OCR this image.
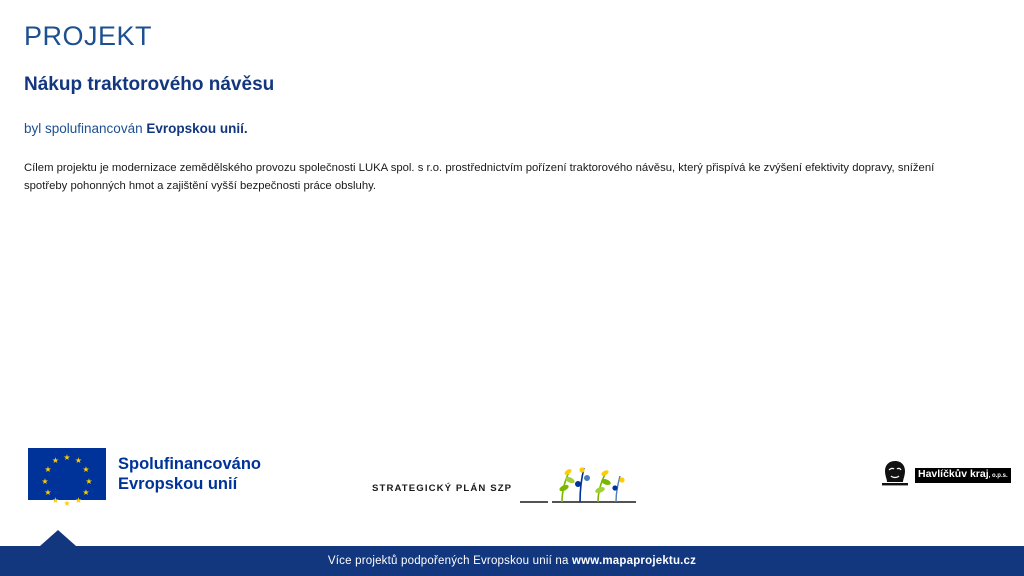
PROJEKT
Nákup traktorového návěsu
byl spolufinancován Evropskou unií.

Cílem projektu je modernizace zemědělského provozu společnosti LUKA spol. s r.o. prostřednictvím pořízení traktorového návěsu, který přispívá ke zvýšení efektivity dopravy, snížení spotřeby pohonných hmot a zajištění vyšší bezpečnosti práce obsluhy.

★ ★
★
★
★
★
★
★
★
★
★
★	Spolufinancováno
Evropskou unií	STRATEGICKÝ PLÁN SZP
Havlíčkův kraj, o.p.s.
Více projektů podpořených Evropskou unií na www.mapaprojektu.cz
